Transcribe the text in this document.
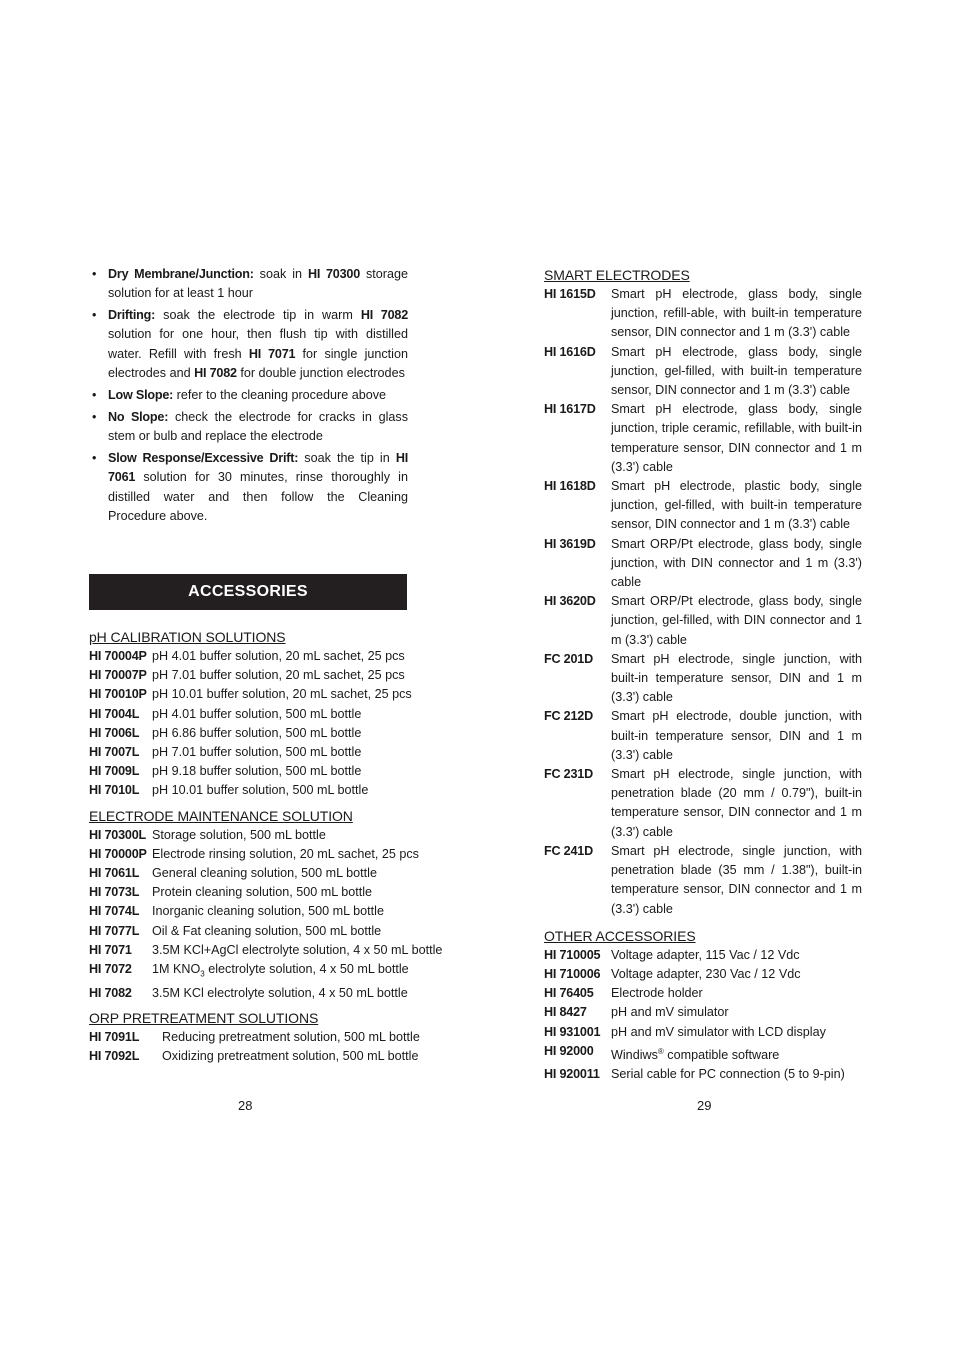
• Dry Membrane/Junction: soak in HI 70300 storage solution for at least 1 hour
• Drifting: soak the electrode tip in warm HI 7082 solution for one hour, then flush tip with distilled water. Refill with fresh HI 7071 for single junction electrodes and HI 7082 for double junction electrodes
• Low Slope: refer to the cleaning procedure above
• No Slope: check the electrode for cracks in glass stem or bulb and replace the electrode
• Slow Response/Excessive Drift: soak the tip in HI 7061 solution for 30 minutes, rinse thoroughly in distilled water and then follow the Cleaning Procedure above.
ACCESSORIES

pH CALIBRATION SOLUTIONS

HI 70004P pH 4.01 buffer solution, 20 mL sachet, 25 pcs
HI 70007P pH 7.01 buffer solution, 20 mL sachet, 25 pcs
HI 70010P pH 10.01 buffer solution, 20 mL sachet, 25 pcs
HI 7004L	pH 4.01 buffer solution, 500 mL bottle
HI 7006L	pH 6.86 buffer solution, 500 mL bottle
HI 7007L	pH 7.01 buffer solution, 500 mL bottle
HI 7009L	pH 9.18 buffer solution, 500 mL bottle
HI 7010L	pH 10.01 buffer solution, 500 mL bottle

ELECTRODE MAINTENANCE SOLUTION

HI 70300L Storage solution, 500 mL bottle
HI 70000P Electrode rinsing solution, 20 mL sachet, 25 pcs
HI 7061L	General cleaning solution, 500 mL bottle
HI 7073L	Protein cleaning solution, 500 mL bottle
HI 7074L	Inorganic cleaning solution, 500 mL bottle
HI 7077L	Oil & Fat cleaning solution, 500 mL bottle
HI 7071	3.5M KCl+AgCl electrolyte solution, 4 x 50 mL bottle
HI 7072	1M $KNO_3$ electrolyte solution, 4 x 50 mL bottle
HI 7082	3.5M KCl electrolyte solution, 4 x 50 mL bottle

ORP PRETREATMENT SOLUTIONS

HI 7091L	Reducing pretreatment solution, 500 mL bottle
HI 7092L	Oxidizing pretreatment solution, 500 mL bottle

SMART ELECTRODES

HI 1615D	Smart pH electrode, glass body, single junction, refill-able, with built-in temperature sensor, DIN connector and 1 m (3.3') cable
HI 1616D	Smart pH electrode, glass body, single junction, gel-filled, with built-in temperature sensor, DIN connector and 1 m (3.3') cable
HI 1617D	Smart pH electrode, glass body, single junction, triple ceramic, refillable, with built-in temperature sensor, DIN connector and 1 m (3.3') cable
HI 1618D	Smart pH electrode, plastic body, single junction, gel-filled, with built-in temperature sensor, DIN connector and 1 m (3.3') cable
HI 3619D	Smart ORP/Pt electrode, glass body, single junction, with DIN connector and 1 m (3.3') cable
HI 3620D	Smart ORP/Pt electrode, glass body, single junction, gel-filled, with DIN connector and 1 m (3.3') cable
FC 201D	Smart pH electrode, single junction, with built-in temperature sensor, DIN and 1 m (3.3') cable
FC 212D	Smart pH electrode, double junction, with built-in temperature sensor, DIN and 1 m (3.3') cable
FC 231D	Smart pH electrode, single junction, with penetration blade (20 mm / 0.79"), built-in temperature sensor, DIN connector and 1 m (3.3') cable
FC 241D	Smart pH electrode, single junction, with penetration blade (35 mm / 1.38"), built-in temperature sensor, DIN connector and 1 m (3.3') cable

OTHER ACCESSORIES

HI 710005 Voltage adapter, 115 Vac / 12 Vdc
HI 710006 Voltage adapter, 230 Vac / 12 Vdc
HI 76405	Electrode holder
HI 8427	pH and mV simulator
HI 931001 pH and mV simulator with LCD display
HI 92000	Windiws® compatible software
HI 920011 Serial cable for PC connection (5 to 9-pin)
28	29
